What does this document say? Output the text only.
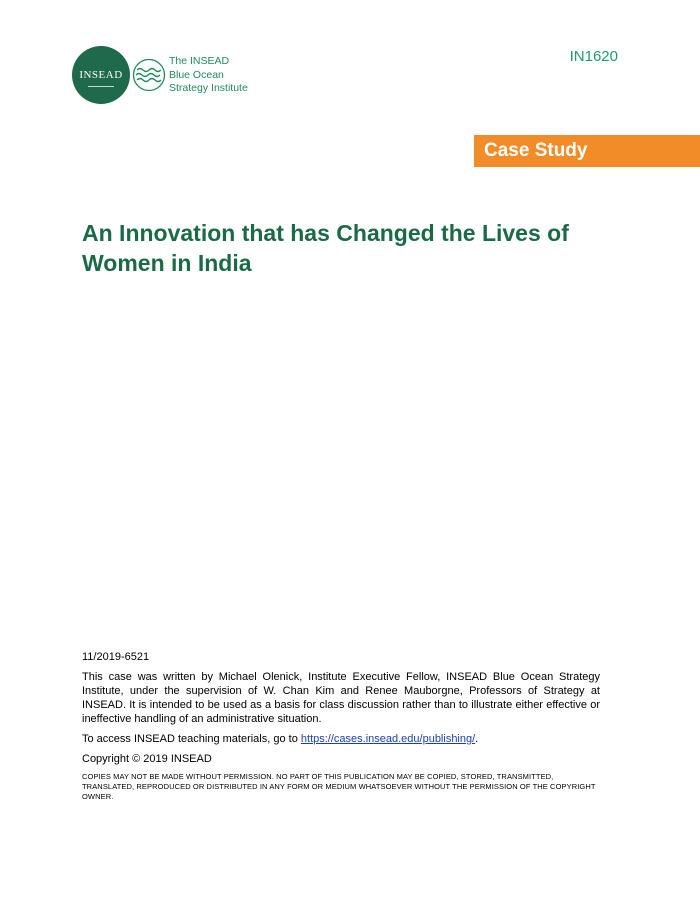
INSEAD
The INSEAD
Blue Ocean
Strategy Institute
IN1620
Case Study
An Innovation that has Changed the Lives of Women in India

11/2019-6521

This case was written by Michael Olenick, Institute Executive Fellow, INSEAD Blue Ocean Strategy Institute, under the supervision of W. Chan Kim and Renee Mauborgne, Professors of Strategy at INSEAD. It is intended to be used as a basis for class discussion rather than to illustrate either effective or ineffective handling of an administrative situation.

To access INSEAD teaching materials, go to https://cases.insead.edu/publishing/.

Copyright © 2019 INSEAD

COPIES MAY NOT BE MADE WITHOUT PERMISSION. NO PART OF THIS PUBLICATION MAY BE COPIED, STORED, TRANSMITTED, TRANSLATED, REPRODUCED OR DISTRIBUTED IN ANY FORM OR MEDIUM WHATSOEVER WITHOUT THE PERMISSION OF THE COPYRIGHT OWNER.
